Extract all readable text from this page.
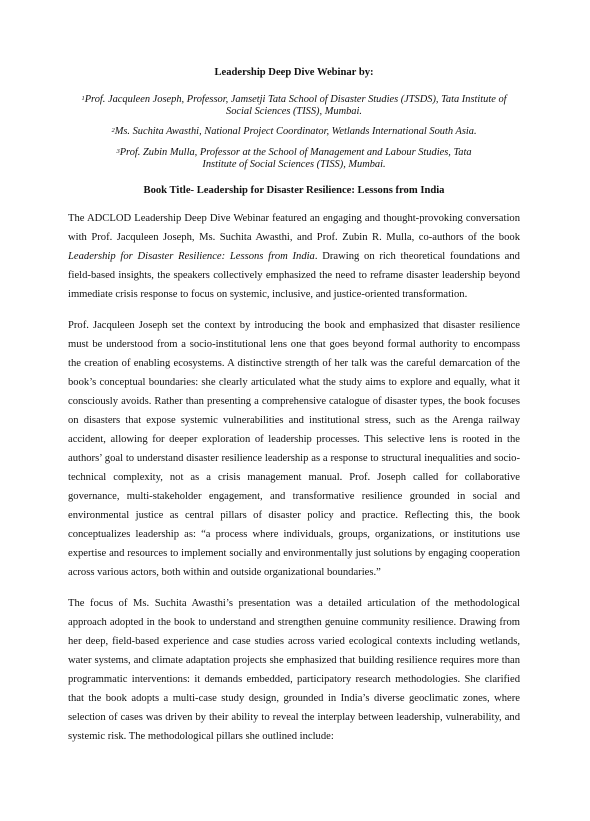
Leadership Deep Dive Webinar by:
$^1$Prof. Jacquleen Joseph, Professor, Jamsetji Tata School of Disaster Studies (JTSDS), Tata Institute of Social Sciences (TISS), Mumbai.
$^2$Ms. Suchita Awasthi, National Project Coordinator, Wetlands International South Asia.
$^3$Prof. Zubin Mulla, Professor at the School of Management and Labour Studies, Tata Institute of Social Sciences (TISS), Mumbai.
Book Title- Leadership for Disaster Resilience: Lessons from India

The ADCLOD Leadership Deep Dive Webinar featured an engaging and thought-provoking conversation with Prof. Jacquleen Joseph, Ms. Suchita Awasthi, and Prof. Zubin R. Mulla, co-authors of the book Leadership for Disaster Resilience: Lessons from India. Drawing on rich theoretical foundations and field-based insights, the speakers collectively emphasized the need to reframe disaster leadership beyond immediate crisis response to focus on systemic, inclusive, and justice-oriented transformation.

Prof. Jacquleen Joseph set the context by introducing the book and emphasized that disaster resilience must be understood from a socio-institutional lens one that goes beyond formal authority to encompass the creation of enabling ecosystems. A distinctive strength of her talk was the careful demarcation of the book’s conceptual boundaries: she clearly articulated what the study aims to explore and equally, what it consciously avoids. Rather than presenting a comprehensive catalogue of disaster types, the book focuses on disasters that expose systemic vulnerabilities and institutional stress, such as the Arenga railway accident, allowing for deeper exploration of leadership processes. This selective lens is rooted in the authors’ goal to understand disaster resilience leadership as a response to structural inequalities and socio-technical complexity, not as a crisis management manual. Prof. Joseph called for collaborative governance, multi-stakeholder engagement, and transformative resilience grounded in social and environmental justice as central pillars of disaster policy and practice. Reflecting this, the book conceptualizes leadership as: “a process where individuals, groups, organizations, or institutions use expertise and resources to implement socially and environmentally just solutions by engaging cooperation across various actors, both within and outside organizational boundaries.”

The focus of Ms. Suchita Awasthi’s presentation was a detailed articulation of the methodological approach adopted in the book to understand and strengthen genuine community resilience. Drawing from her deep, field-based experience and case studies across varied ecological contexts including wetlands, water systems, and climate adaptation projects she emphasized that building resilience requires more than programmatic interventions: it demands embedded, participatory research methodologies. She clarified that the book adopts a multi-case study design, grounded in India’s diverse geoclimatic zones, where selection of cases was driven by their ability to reveal the interplay between leadership, vulnerability, and systemic risk. The methodological pillars she outlined include:
